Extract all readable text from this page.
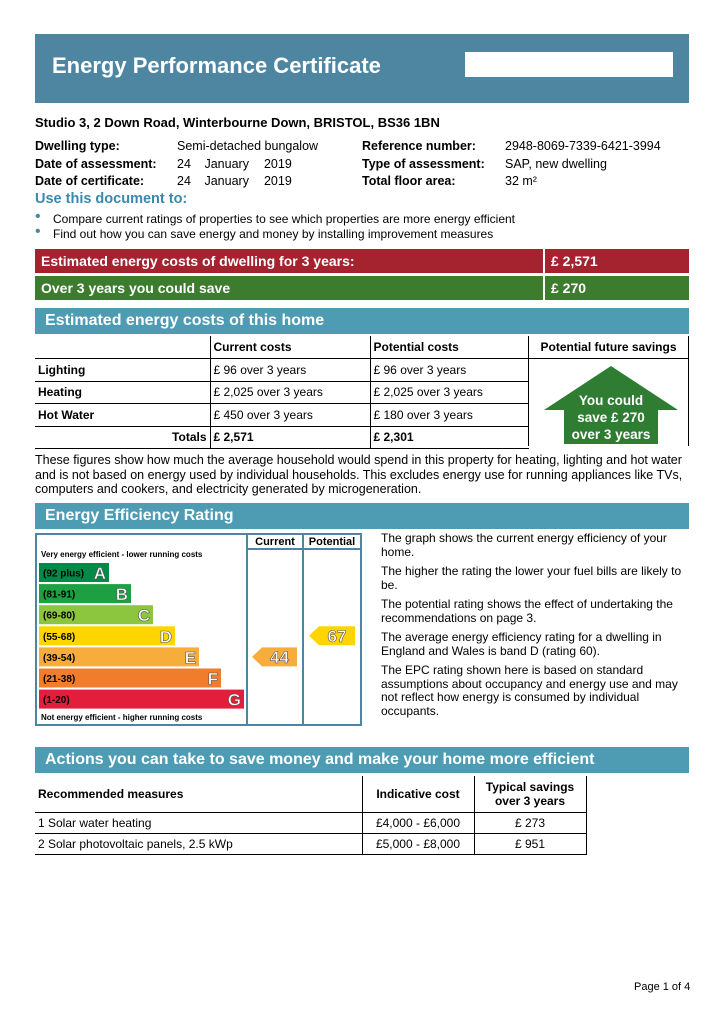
Energy Performance Certificate
Studio 3, 2 Down Road, Winterbourne Down, BRISTOL, BS36 1BN
Dwelling type:	Semi-detached bungalow	Reference number: 2948-8069-7339-6421-3994
Date of assessment: 24 January 2019	Type of assessment: SAP, new dwelling
Date of certificate:	24 January 2019	Total floor area:	32 m²
Use this document to:
• Compare current ratings of properties to see which properties are more energy efficient
• Find out how you can save energy and money by installing improvement measures
Estimated energy costs of dwelling for 3 years:	£ 2,571
Over 3 years you could save	£ 270
Estimated energy costs of this home
	Current costs	Potential costs
Lighting	£ 96 over 3 years	£ 96 over 3 years
Heating	£ 2,025 over 3 years	£ 2,025 over 3 years
Hot Water	£ 450 over 3 years	£ 180 over 3 years
Totals	£ 2,571	£ 2,301
Potential future savings
You could
save £ 270
over 3 years
These figures show how much the average household would spend in this property for heating, lighting and hot water and is not based on energy used by individual households. This excludes energy use for running appliances like TVs, computers and cookers, and electricity generated by microgeneration.
Energy Efficiency Rating
Current Potential
Very energy efficient - lower running costs
Not energy efficient - higher running costs
(92 plus) A
(81-91) B
(69-80)	C
(55-68)	D
(39-54)	E
(21-38)	F
(1-20)	G
44
67

The graph shows the current energy efficiency of your home.

The higher the rating the lower your fuel bills are likely to be.

The potential rating shows the effect of undertaking the recommendations on page 3.

The average energy efficiency rating for a dwelling in England and Wales is band D (rating 60).

The EPC rating shown here is based on standard assumptions about occupancy and energy use and may not reflect how energy is consumed by individual occupants.

Actions you can take to save money and make your home more efficient
Recommended measures	Indicative cost	Typical savings
over 3 years

1 Solar water heating	£4,000 - £6,000	£ 273
2 Solar photovoltaic panels, 2.5 kWp	£5,000 - £8,000	£ 951
Page 1 of 4
